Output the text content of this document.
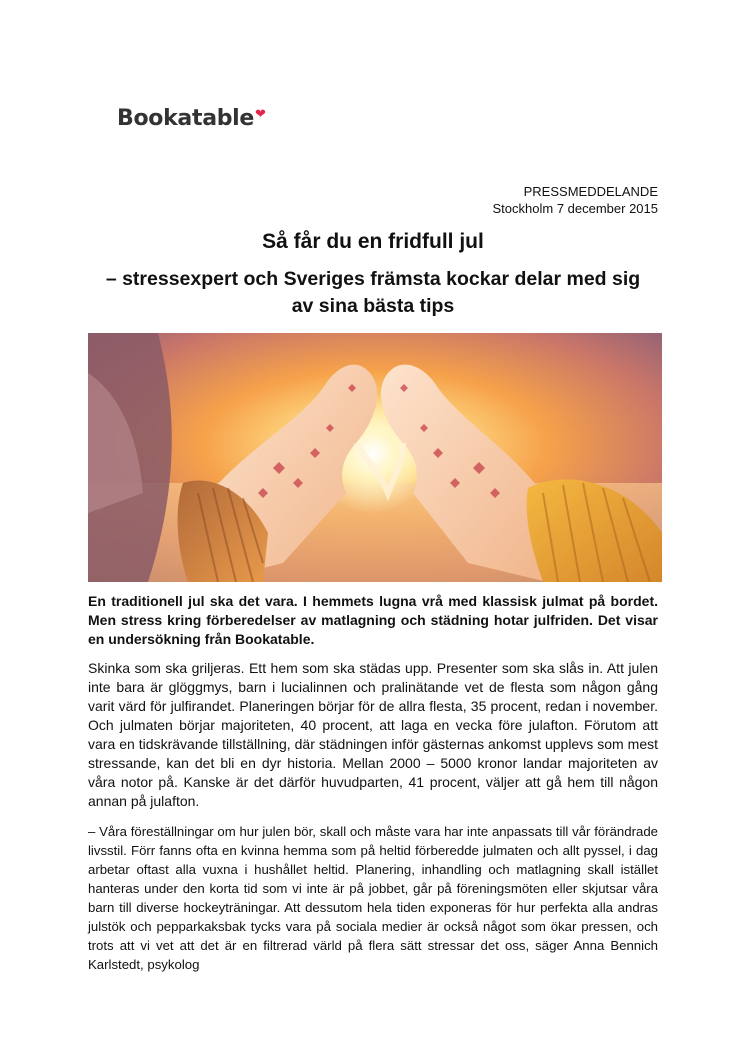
Bookatable ❤
PRESSMEDDELANDE
Stockholm 7 december 2015
Så får du en fridfull jul
– stressexpert och Sveriges främsta kockar delar med sig av sina bästa tips

En traditionell jul ska det vara. I hemmets lugna vrå med klassisk julmat på bordet. Men stress kring förberedelser av matlagning och städning hotar julfriden. Det visar en undersökning från Bookatable.

Skinka som ska griljeras. Ett hem som ska städas upp. Presenter som ska slås in. Att julen inte bara är glöggmys, barn i lucialinnen och pralinätande vet de flesta som någon gång varit värd för julfirandet. Planeringen börjar för de allra flesta, 35 procent, redan i november. Och julmaten börjar majoriteten, 40 procent, att laga en vecka före julafton. Förutom att vara en tidskrävande tillställning, där städningen inför gästernas ankomst upplevs som mest stressande, kan det bli en dyr historia. Mellan 2000 – 5000 kronor landar majoriteten av våra notor på. Kanske är det därför huvudparten, 41 procent, väljer att gå hem till någon annan på julafton.

– Våra föreställningar om hur julen bör, skall och måste vara har inte anpassats till vår förändrade livsstil. Förr fanns ofta en kvinna hemma som på heltid förberedde julmaten och allt pyssel, i dag arbetar oftast alla vuxna i hushållet heltid. Planering, inhandling och matlagning skall istället hanteras under den korta tid som vi inte är på jobbet, går på föreningsmöten eller skjutsar våra barn till diverse hockeyträningar. Att dessutom hela tiden exponeras för hur perfekta alla andras julstök och pepparkaksbak tycks vara på sociala medier är också något som ökar pressen, och trots att vi vet att det är en filtrerad värld på flera sätt stressar det oss, säger Anna Bennich Karlstedt, psykolog
